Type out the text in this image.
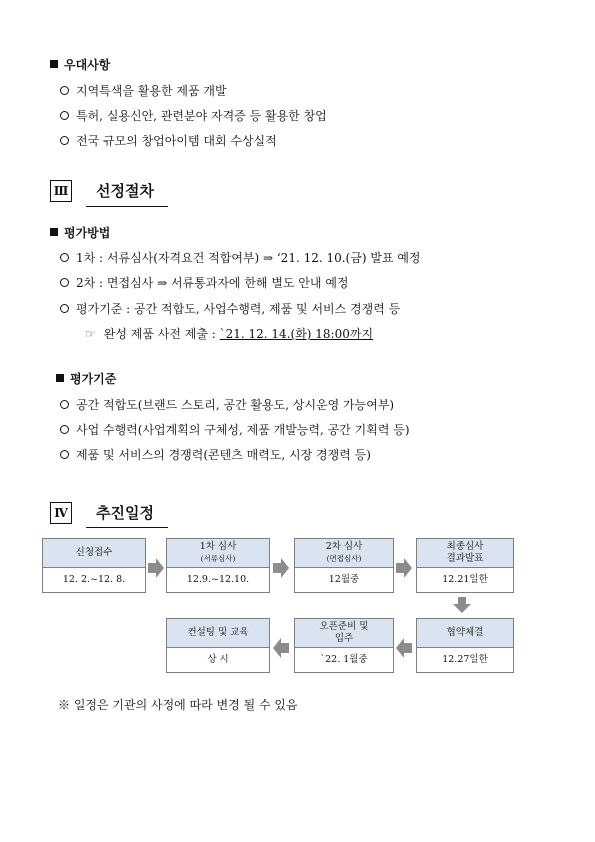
우대사항
지역특색을 활용한 제품 개발
특허, 실용신안, 관련분야 자격증 등 활용한 창업
전국 규모의 창업아이템 대회 수상실적
Ⅲ 선정절차
평가방법
1차 : 서류심사(자격요건 적합여부) ⇒ ‘21. 12. 10.(금) 발표 예정
2차 : 면접심사 ⇒ 서류통과자에 한해 별도 안내 예정
평가기준 : 공간 적합도, 사업수행력, 제품 및 서비스 경쟁력 등
☞ 완성 제품 사전 제출 : `21. 12. 14.(화) 18:00까지
평가기준
공간 적합도(브랜드 스토리, 공간 활용도, 상시운영 가능여부)
사업 수행력(사업계획의 구체성, 제품 개발능력, 공간 기획력 등)
제품 및 서비스의 경쟁력(콘텐츠 매력도, 시장 경쟁력 등)
Ⅳ 추진일정
신청접수
12. 2.~12. 8.
1차 심사
(서류심사)
12.9.~12.10.
2차 심사
(면접심사)
12월중
최종심사
결과발표
12.21일한
협약체결
12.27일한
오픈준비 및
입주
`22. 1월중
컨설팅 및 교육
상 시
※ 일정은 기관의 사정에 따라 변경 될 수 있음
